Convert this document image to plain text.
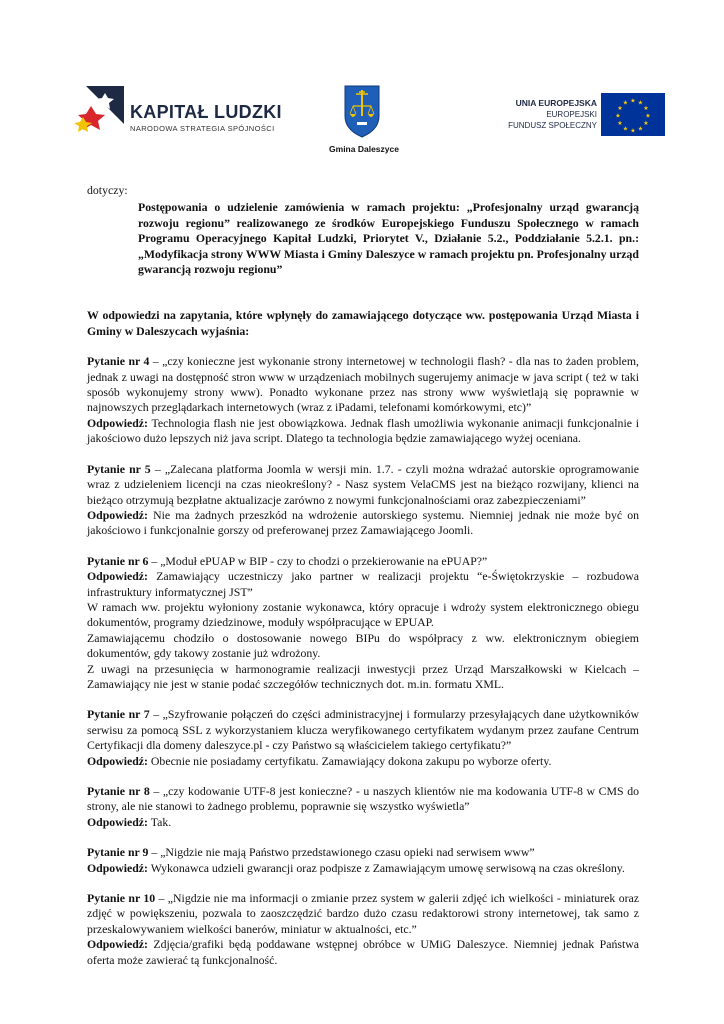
KAPITAŁ LUDZKI
NARODOWA STRATEGIA SPÓJNOŚCI
Gmina Daleszyce
UNIA EUROPEJSKA
EUROPEJSKI
FUNDUSZ SPOŁECZNY
★ ★
★
★
★
★
★
★
★
★
★
★

dotyczy:

Postępowania o udzielenie zamówienia w ramach projektu: „Profesjonalny urząd gwarancją rozwoju regionu” realizowanego ze środków Europejskiego Funduszu Społecznego w ramach Programu Operacyjnego Kapitał Ludzki, Priorytet V., Działanie 5.2., Poddziałanie 5.2.1. pn.: „Modyfikacja strony WWW Miasta i Gminy Daleszyce w ramach projektu pn. Profesjonalny urząd gwarancją rozwoju regionu”

W odpowiedzi na zapytania, które wpłynęły do zamawiającego dotyczące ww. postępowania Urząd Miasta i Gminy w Daleszycach wyjaśnia:

Pytanie nr 4 – „czy konieczne jest wykonanie strony internetowej w technologii flash? - dla nas to żaden problem, jednak z uwagi na dostępność stron www w urządzeniach mobilnych sugerujemy animacje w java script ( też w taki sposób wykonujemy strony www). Ponadto wykonane przez nas strony www wyświetlają się poprawnie w najnowszych przeglądarkach internetowych (wraz z iPadami, telefonami komórkowymi, etc)”

Odpowiedź: Technologia flash nie jest obowiązkowa. Jednak flash umożliwia wykonanie animacji funkcjonalnie i jakościowo dużo lepszych niż java script. Dlatego ta technologia będzie zamawiającego wyżej oceniana.

Pytanie nr 5 – „Zalecana platforma Joomla w wersji min. 1.7. - czyli można wdrażać autorskie oprogramowanie wraz z udzieleniem licencji na czas nieokreślony? - Nasz system VelaCMS jest na bieżąco rozwijany, klienci na bieżąco otrzymują bezpłatne aktualizacje zarówno z nowymi funkcjonalnościami oraz zabezpieczeniami”

Odpowiedź: Nie ma żadnych przeszkód na wdrożenie autorskiego systemu. Niemniej jednak nie może być on jakościowo i funkcjonalnie gorszy od preferowanej przez Zamawiającego Joomli.

Pytanie nr 6 – „Moduł ePUAP w BIP - czy to chodzi o przekierowanie na ePUAP?”

Odpowiedź: Zamawiający uczestniczy jako partner w realizacji projektu “e-Świętokrzyskie – rozbudowa infrastruktury informatycznej JST”

W ramach ww. projektu wyłoniony zostanie wykonawca, który opracuje i wdroży system elektronicznego obiegu dokumentów, programy dziedzinowe, moduły współpracujące w EPUAP.

Zamawiającemu chodziło o dostosowanie nowego BIPu do współpracy z ww. elektronicznym obiegiem dokumentów, gdy takowy zostanie już wdrożony.

Z uwagi na przesunięcia w harmonogramie realizacji inwestycji przez Urząd Marszałkowski w Kielcach – Zamawiający nie jest w stanie podać szczegółów technicznych dot. m.in. formatu XML.

Pytanie nr 7 – „Szyfrowanie połączeń do części administracyjnej i formularzy przesyłających dane użytkowników serwisu za pomocą SSL z wykorzystaniem klucza weryfikowanego certyfikatem wydanym przez zaufane Centrum Certyfikacji dla domeny daleszyce.pl - czy Państwo są właścicielem takiego certyfikatu?”

Odpowiedź: Obecnie nie posiadamy certyfikatu. Zamawiający dokona zakupu po wyborze oferty.

Pytanie nr 8 – „czy kodowanie UTF-8 jest konieczne? - u naszych klientów nie ma kodowania UTF-8 w CMS do strony, ale nie stanowi to żadnego problemu, poprawnie się wszystko wyświetla”

Odpowiedź: Tak.

Pytanie nr 9 – „Nigdzie nie mają Państwo przedstawionego czasu opieki nad serwisem www”

Odpowiedź: Wykonawca udzieli gwarancji oraz podpisze z Zamawiającym umowę serwisową na czas określony.

Pytanie nr 10 – „Nigdzie nie ma informacji o zmianie przez system w galerii zdjęć ich wielkości - miniaturek oraz zdjęć w powiększeniu, pozwala to zaoszczędzić bardzo dużo czasu redaktorowi strony internetowej, tak samo z przeskalowywaniem wielkości banerów, miniatur w aktualności, etc.”

Odpowiedź: Zdjęcia/grafiki będą poddawane wstępnej obróbce w UMiG Daleszyce. Niemniej jednak Państwa oferta może zawierać tą funkcjonalność.
